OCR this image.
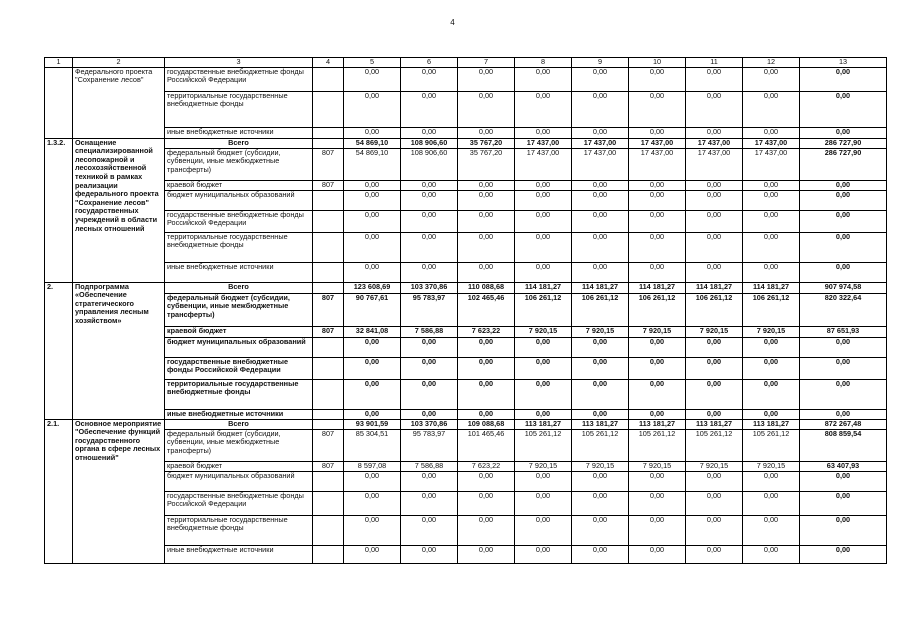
4
1	2	3	4	5	6	7	8	9	10	11	12	13
	Федерального проекта "Сохранение лесов"	государственные внебюджетные фонды Российской Федерации		0,00	0,00	0,00	0,00	0,00	0,00	0,00	0,00	0,00
		территориальные государственные внебюджетные фонды		0,00	0,00	0,00	0,00	0,00	0,00	0,00	0,00	0,00
		иные внебюджетные источники		0,00	0,00	0,00	0,00	0,00	0,00	0,00	0,00	0,00
1.3.2.	Оснащение специализированной лесопожарной и лесохозяйственной техникой в рамках реализации федерального проекта "Сохранение лесов" государственных учреждений в области лесных отношений	Всего		54 869,10	108 906,60	35 767,20	17 437,00	17 437,00	17 437,00	17 437,00	17 437,00	286 727,90
		федеральный бюджет (субсидии, субвенции, иные межбюджетные трансферты)	807	54 869,10	108 906,60	35 767,20	17 437,00	17 437,00	17 437,00	17 437,00	17 437,00	286 727,90
		краевой бюджет	807	0,00	0,00	0,00	0,00	0,00	0,00	0,00	0,00	0,00
		бюджет муниципальных образований		0,00	0,00	0,00	0,00	0,00	0,00	0,00	0,00	0,00
		государственные внебюджетные фонды Российской Федерации		0,00	0,00	0,00	0,00	0,00	0,00	0,00	0,00	0,00
		территориальные государственные внебюджетные фонды		0,00	0,00	0,00	0,00	0,00	0,00	0,00	0,00	0,00
		иные внебюджетные источники		0,00	0,00	0,00	0,00	0,00	0,00	0,00	0,00	0,00
2.	Подпрограмма «Обеспечение стратегического управления лесным хозяйством»	Всего		123 608,69	103 370,86	110 088,68	114 181,27	114 181,27	114 181,27	114 181,27	114 181,27	907 974,58
		федеральный бюджет (субсидии, субвенции, иные межбюджетные трансферты)	807	90 767,61	95 783,97	102 465,46	106 261,12	106 261,12	106 261,12	106 261,12	106 261,12	820 322,64
		краевой бюджет	807	32 841,08	7 586,88	7 623,22	7 920,15	7 920,15	7 920,15	7 920,15	7 920,15	87 651,93
		бюджет муниципальных образований		0,00	0,00	0,00	0,00	0,00	0,00	0,00	0,00	0,00
		государственные внебюджетные фонды Российской Федерации		0,00	0,00	0,00	0,00	0,00	0,00	0,00	0,00	0,00
		территориальные государственные внебюджетные фонды		0,00	0,00	0,00	0,00	0,00	0,00	0,00	0,00	0,00
		иные внебюджетные источники		0,00	0,00	0,00	0,00	0,00	0,00	0,00	0,00	0,00
2.1.	Основное мероприятие "Обеспечение функций государственного органа в сфере лесных отношений"	Всего		93 901,59	103 370,86	109 088,68	113 181,27	113 181,27	113 181,27	113 181,27	113 181,27	872 267,48
		федеральный бюджет (субсидии, субвенции, иные межбюджетные трансферты)	807	85 304,51	95 783,97	101 465,46	105 261,12	105 261,12	105 261,12	105 261,12	105 261,12	808 859,54
		краевой бюджет	807	8 597,08	7 586,88	7 623,22	7 920,15	7 920,15	7 920,15	7 920,15	7 920,15	63 407,93
		бюджет муниципальных образований		0,00	0,00	0,00	0,00	0,00	0,00	0,00	0,00	0,00
		государственные внебюджетные фонды Российской Федерации		0,00	0,00	0,00	0,00	0,00	0,00	0,00	0,00	0,00
		территориальные государственные внебюджетные фонды		0,00	0,00	0,00	0,00	0,00	0,00	0,00	0,00	0,00
		иные внебюджетные источники		0,00	0,00	0,00	0,00	0,00	0,00	0,00	0,00	0,00
